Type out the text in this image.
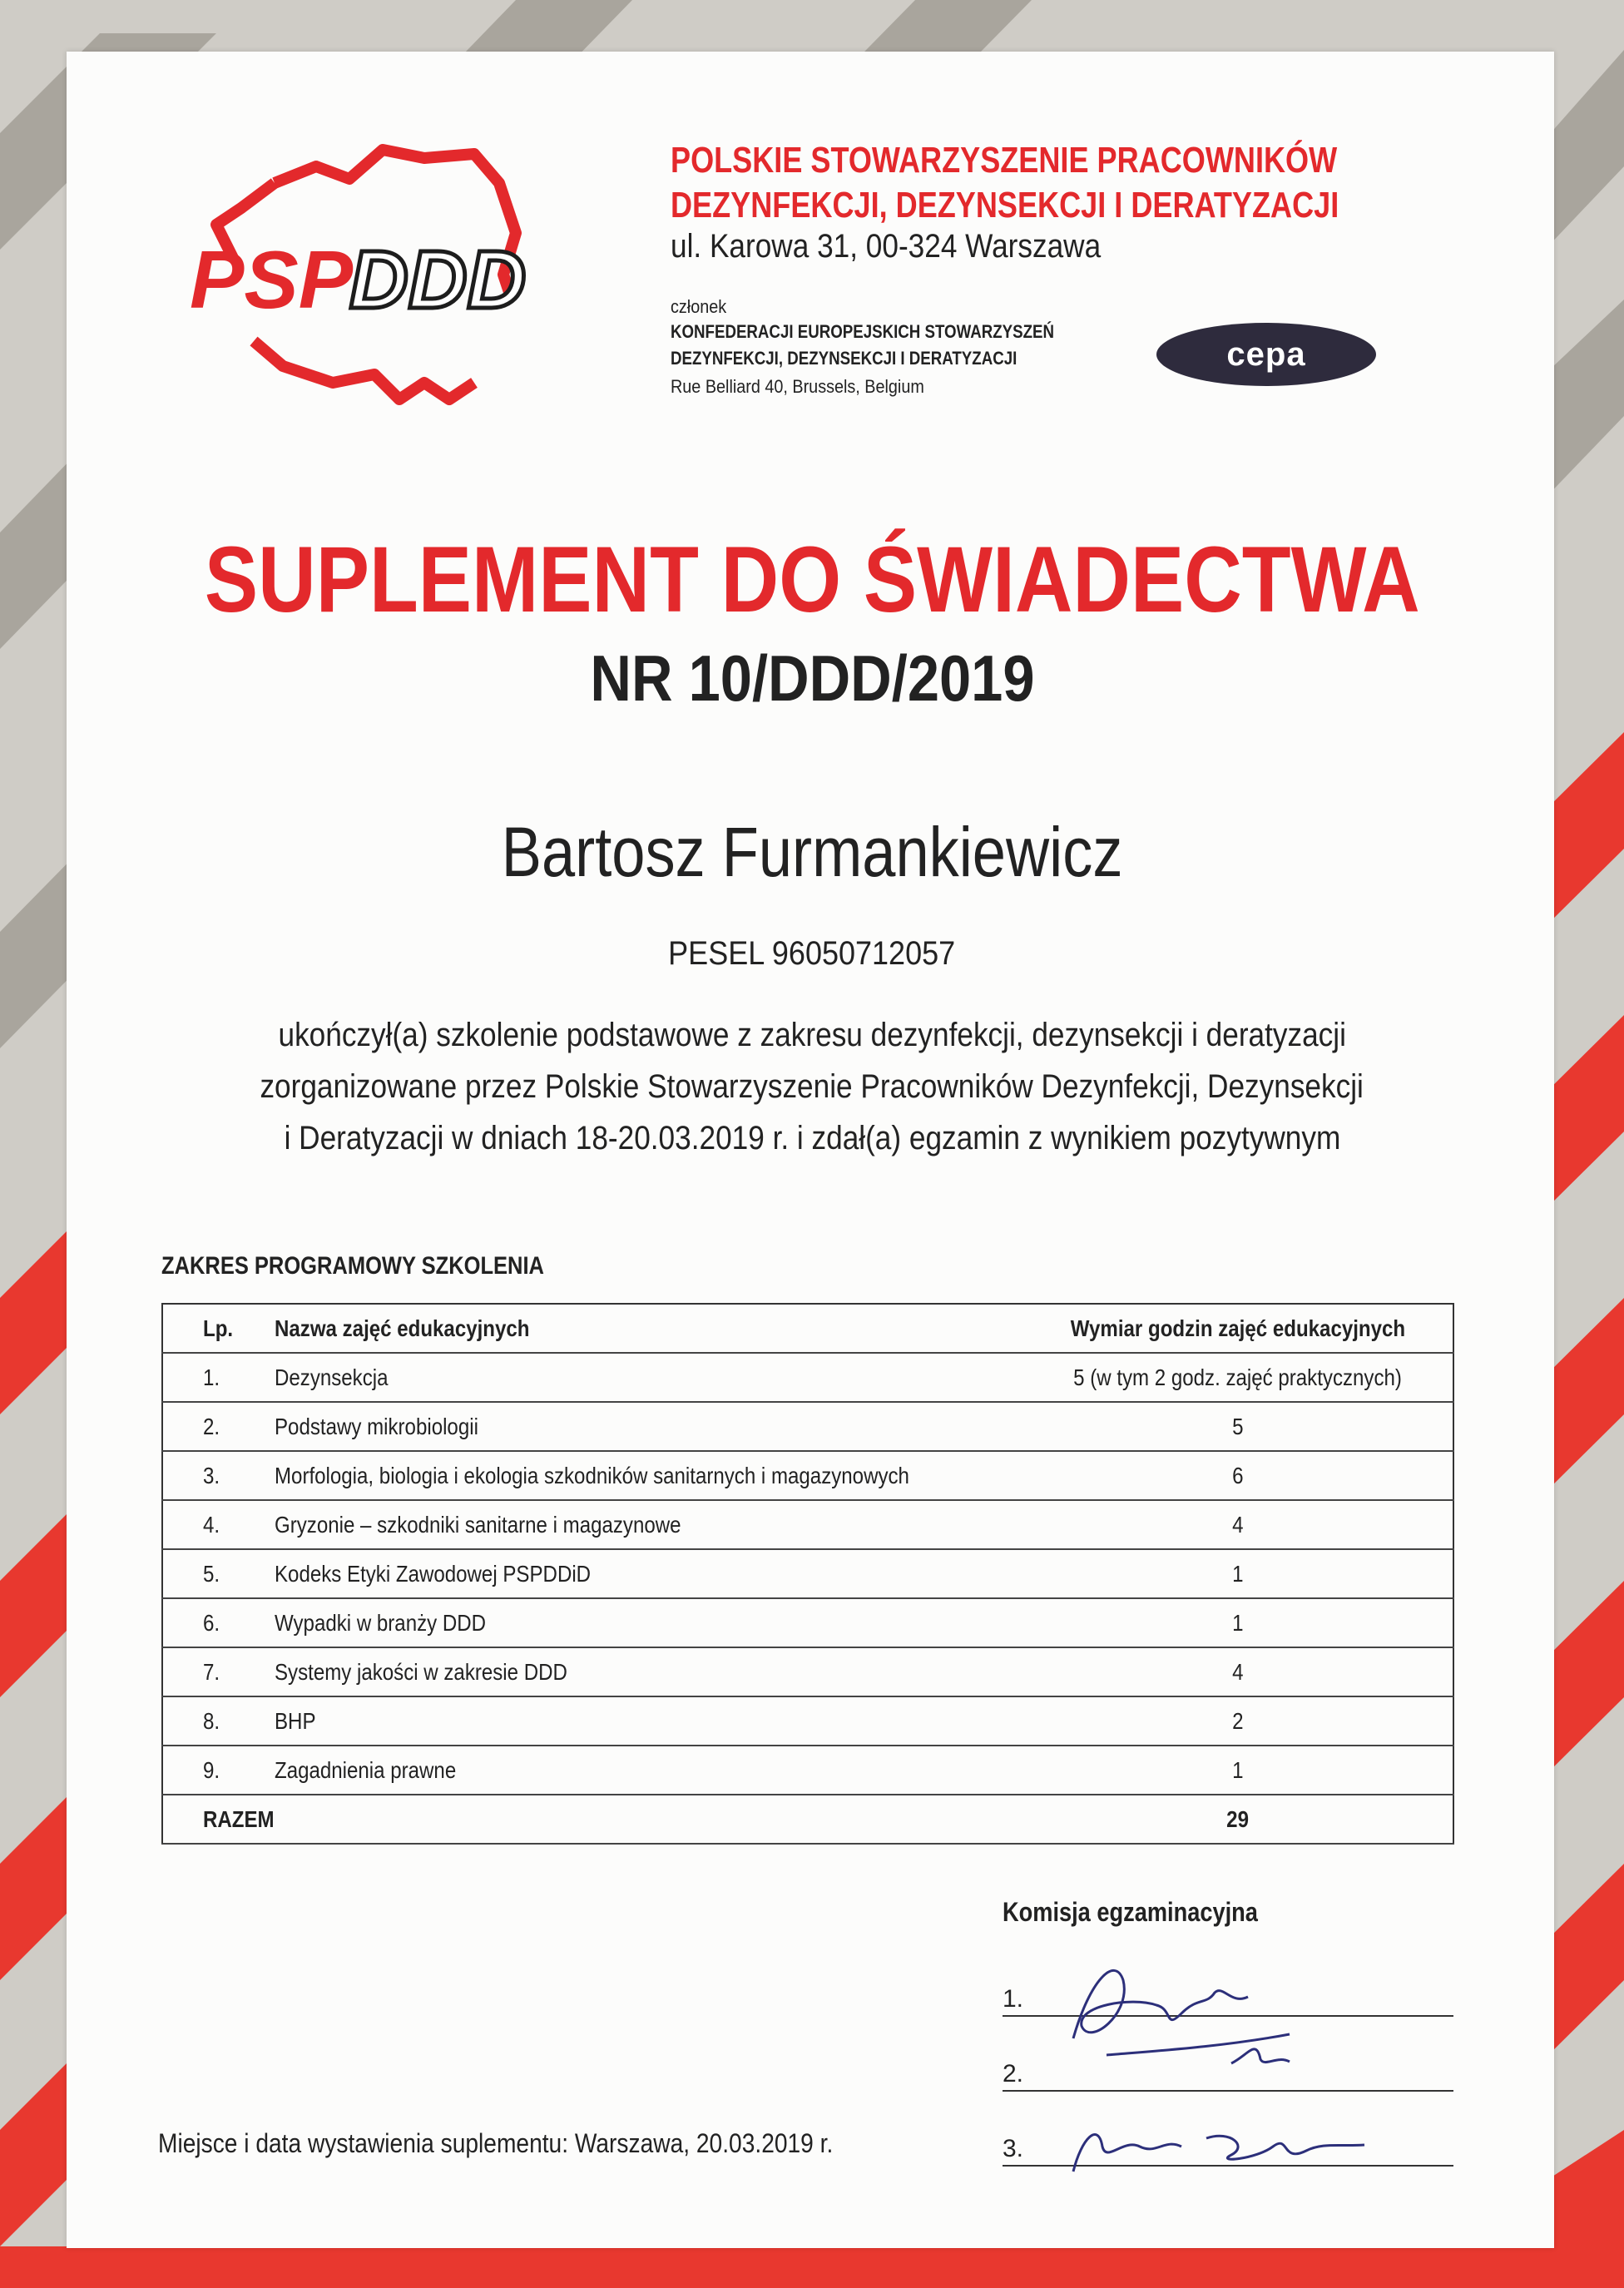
PSP
DDD
POLSKIE STOWARZYSZENIE PRACOWNIKÓW
DEZYNFEKCJI, DEZYNSEKCJI I DERATYZACJI
ul. Karowa 31, 00-324 Warszawa
członek
KONFEDERACJI EUROPEJSKICH STOWARZYSZEŃ
DEZYNFEKCJI, DEZYNSEKCJI I DERATYZACJI
Rue Belliard 40, Brussels, Belgium
cepa
SUPLEMENT DO ŚWIADECTWA
NR 10/DDD/2019
Bartosz Furmankiewicz
PESEL 96050712057
ukończył(a) szkolenie podstawowe z zakresu dezynfekcji, dezynsekcji i deratyzacji
zorganizowane przez Polskie Stowarzyszenie Pracowników Dezynfekcji, Dezynsekcji
i Deratyzacji w dniach 18-20.03.2019 r. i zdał(a) egzamin z wynikiem pozytywnym
ZAKRES PROGRAMOWY SZKOLENIA
Lp.	Nazwa zajęć edukacyjnych	Wymiar godzin zajęć edukacyjnych
1.	Dezynsekcja	5 (w tym 2 godz. zajęć praktycznych)
2.	Podstawy mikrobiologii	5
3.	Morfologia, biologia i ekologia szkodników sanitarnych i magazynowych	6
4.	Gryzonie – szkodniki sanitarne i magazynowe	4
5.	Kodeks Etyki Zawodowej PSPDDiD	1
6.	Wypadki w branży DDD	1
7.	Systemy jakości w zakresie DDD	4
8.	BHP	2
9.	Zagadnienia prawne	1
RAZEM		29
Komisja egzaminacyjna
1.
2.
3.
Miejsce i data wystawienia suplementu: Warszawa, 20.03.2019 r.
